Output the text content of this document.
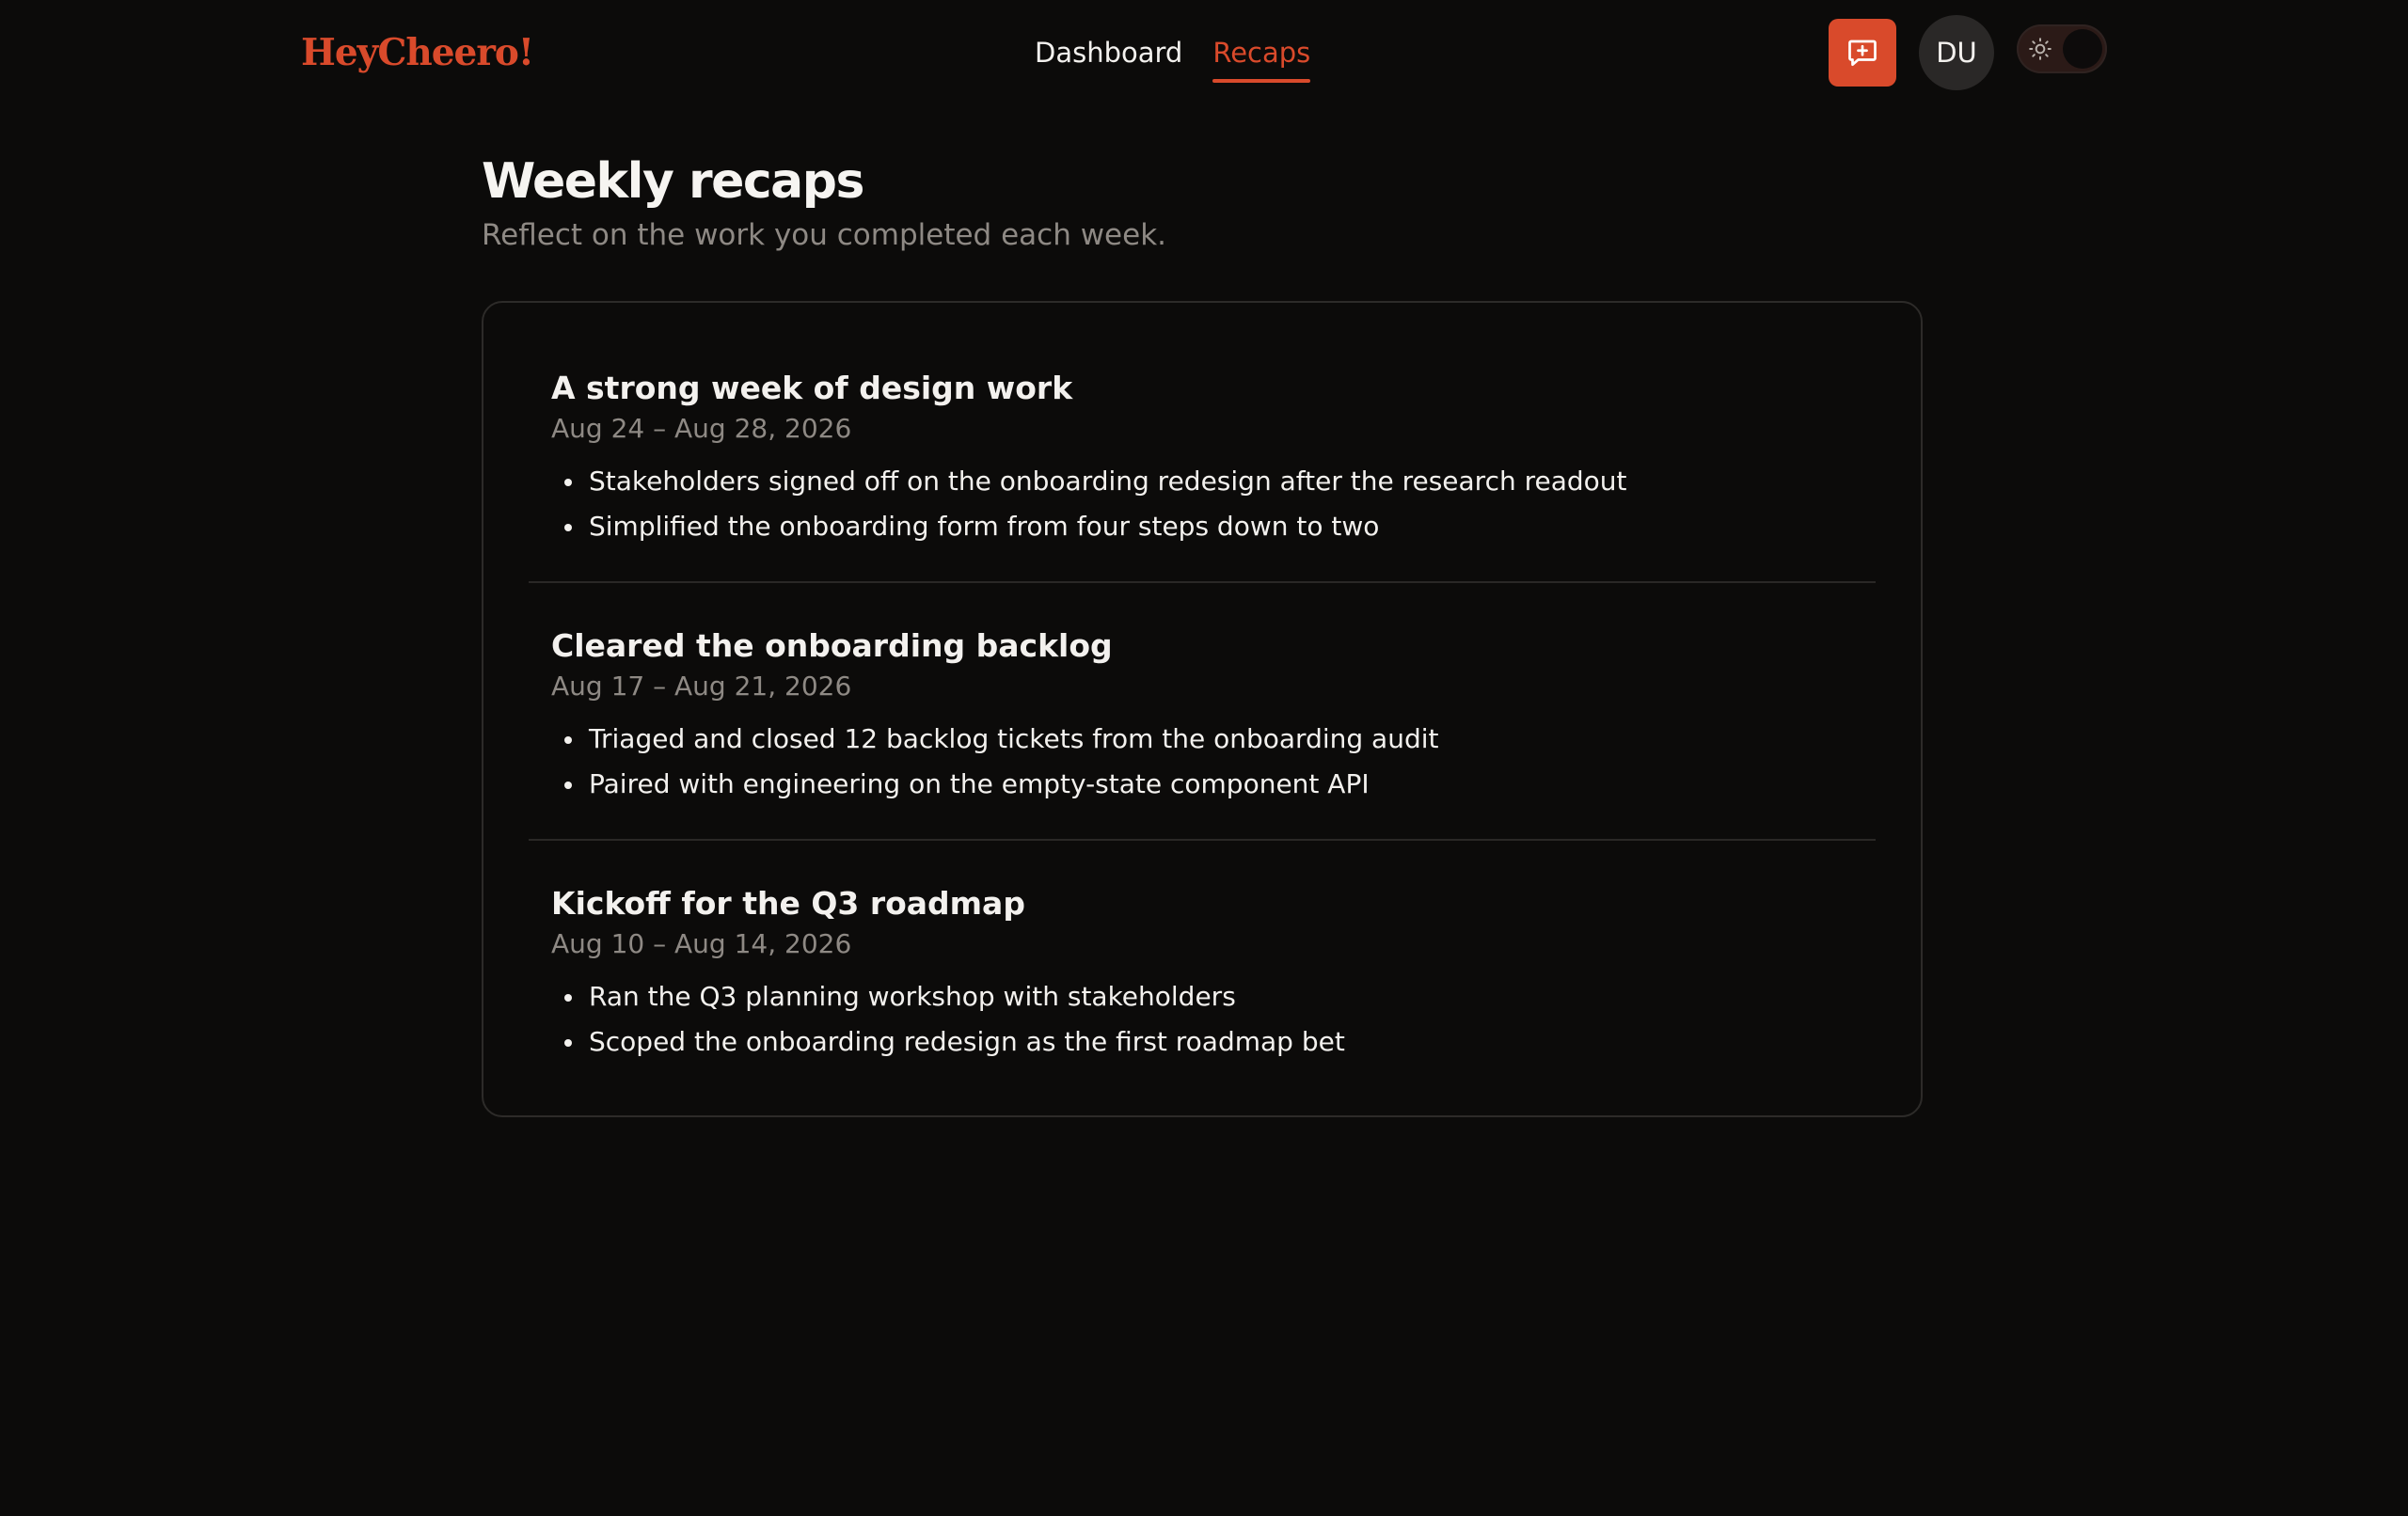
HeyCheero!	Dashboard Recaps	DU
Weekly recaps

Reflect on the work you completed each week.

A strong week of design work
Aug 24 – Aug 28, 2026
Stakeholders signed off on the onboarding redesign after the research readout
Simplified the onboarding form from four steps down to two
Cleared the onboarding backlog
Aug 17 – Aug 21, 2026
Triaged and closed 12 backlog tickets from the onboarding audit
Paired with engineering on the empty-state component API
Kickoff for the Q3 roadmap
Aug 10 – Aug 14, 2026
Ran the Q3 planning workshop with stakeholders
Scoped the onboarding redesign as the first roadmap bet
